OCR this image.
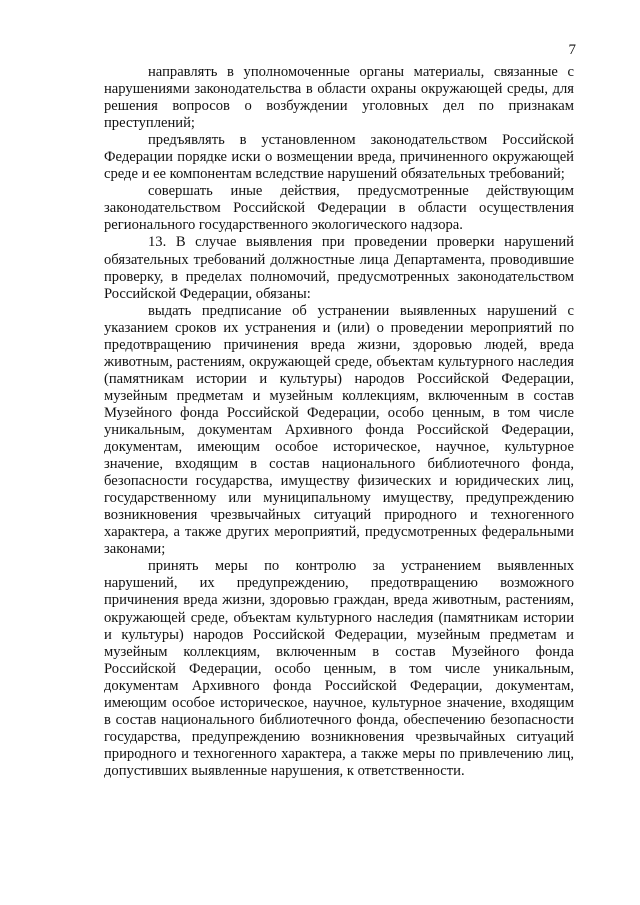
7

направлять в уполномоченные органы материалы, связанные с нарушениями законодательства в области охраны окружающей среды, для решения вопросов о возбуждении уголовных дел по признакам преступлений;

предъявлять в установленном законодательством Российской Федерации порядке иски о возмещении вреда, причиненного окружающей среде и ее компонентам вследствие нарушений обязательных требований;

совершать иные действия, предусмотренные действующим законодательством Российской Федерации в области осуществления регионального государственного экологического надзора.

13. В случае выявления при проведении проверки нарушений обязательных требований должностные лица Департамента, проводившие проверку, в пределах полномочий, предусмотренных законодательством Российской Федерации, обязаны:

выдать предписание об устранении выявленных нарушений с указанием сроков их устранения и (или) о проведении мероприятий по предотвращению причинения вреда жизни, здоровью людей, вреда животным, растениям, окружающей среде, объектам культурного наследия (памятникам истории и культуры) народов Российской Федерации, музейным предметам и музейным коллекциям, включенным в состав Музейного фонда Российской Федерации, особо ценным, в том числе уникальным, документам Архивного фонда Российской Федерации, документам, имеющим особое историческое, научное, культурное значение, входящим в состав национального библиотечного фонда, безопасности государства, имуществу физических и юридических лиц, государственному или муниципальному имуществу, предупреждению возникновения чрезвычайных ситуаций природного и техногенного характера, а также других мероприятий, предусмотренных федеральными законами;

принять меры по контролю за устранением выявленных нарушений, их предупреждению, предотвращению возможного причинения вреда жизни, здоровью граждан, вреда животным, растениям, окружающей среде, объектам культурного наследия (памятникам истории и культуры) народов Российской Федерации, музейным предметам и музейным коллекциям, включенным в состав Музейного фонда Российской Федерации, особо ценным, в том числе уникальным, документам Архивного фонда Российской Федерации, документам, имеющим особое историческое, научное, культурное значение, входящим в состав национального библиотечного фонда, обеспечению безопасности государства, предупреждению возникновения чрезвычайных ситуаций природного и техногенного характера, а также меры по привлечению лиц, допустивших выявленные нарушения, к ответственности.
